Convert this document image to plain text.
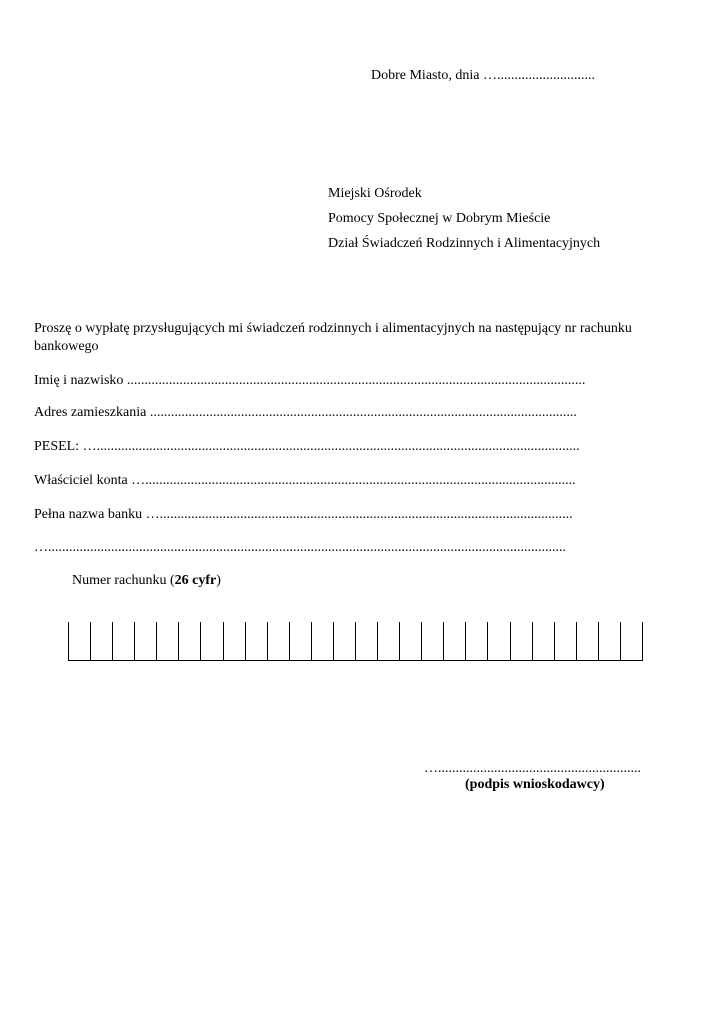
Dobre Miasto, dnia …............................
Miejski Ośrodek
Pomocy Społecznej w Dobrym Mieście
Dział Świadczeń Rodzinnych i Alimentacyjnych
Proszę o wypłatę przysługujących mi świadczeń rodzinnych i alimentacyjnych na następujący nr rachunku bankowego
Imię i nazwisko ...................................................................................................................................
Adres zamieszkania ..........................................................................................................................
PESEL: …..........................................................................................................................................
Właściciel konta …...........................................................................................................................
Pełna nazwa banku …......................................................................................................................
…....................................................................................................................................................
Numer rachunku (26 cyfr)
…..........................................................
(podpis wnioskodawcy)
